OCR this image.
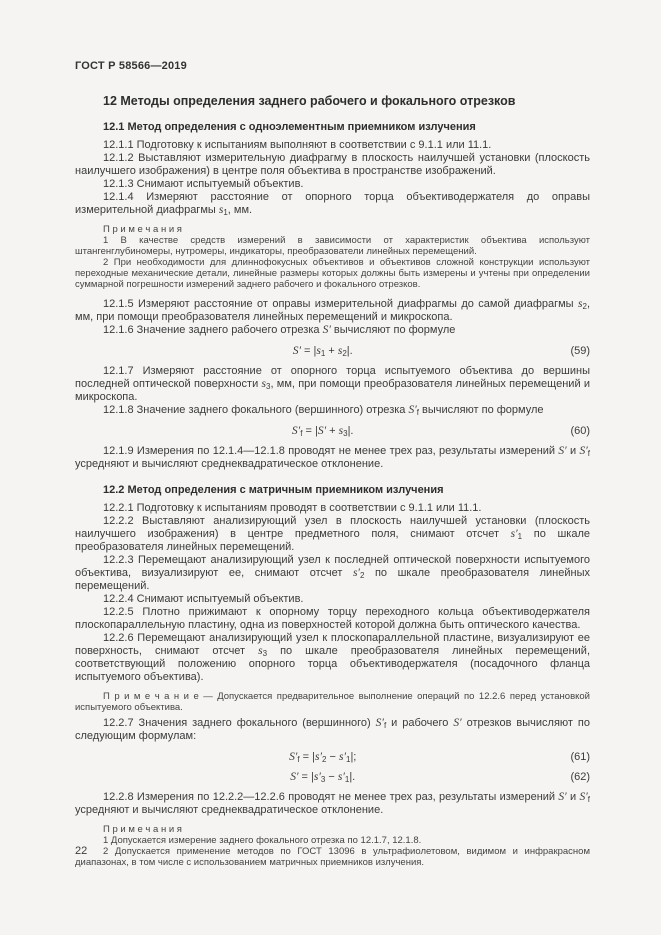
ГОСТ Р 58566—2019
12 Методы определения заднего рабочего и фокального отрезков
12.1 Метод определения с одноэлементным приемником излучения

12.1.1 Подготовку к испытаниям выполняют в соответствии с 9.1.1 или 11.1.

12.1.2 Выставляют измерительную диафрагму в плоскость наилучшей установки (плоскость наилучшего изображения) в центре поля объектива в пространстве изображений.

12.1.3 Снимают испытуемый объектив.

12.1.4 Измеряют расстояние от опорного торца объективодержателя до оправы измерительной диафрагмы $s_1$, мм.

П р и м е ч а н и я

1 В качестве средств измерений в зависимости от характеристик объектива используют штангенглубиномеры, нутромеры, индикаторы, преобразователи линейных перемещений.

2 При необходимости для длиннофокусных объективов и объективов сложной конструкции используют переходные механические детали, линейные размеры которых должны быть измерены и учтены при определении суммарной погрешности измерений заднего рабочего и фокального отрезков.

12.1.5 Измеряют расстояние от оправы измерительной диафрагмы до самой диафрагмы $s_2$, мм, при помощи преобразователя линейных перемещений и микроскопа.

12.1.6 Значение заднего рабочего отрезка S′ вычисляют по формуле

$S' = |s_1 + s_2|$.	(59)

12.1.7 Измеряют расстояние от опорного торца испытуемого объектива до вершины последней оптической поверхности $s_3$, мм, при помощи преобразователя линейных перемещений и микроскопа.

12.1.8 Значение заднего фокального (вершинного) отрезка $S'_f$ вычисляют по формуле

$S'_f = |S' + s_3|$.	(60)

12.1.9 Измерения по 12.1.4—12.1.8 проводят не менее трех раз, результаты измерений S′ и $S'_f$ усредняют и вычисляют среднеквадратическое отклонение.

12.2 Метод определения с матричным приемником излучения

12.2.1 Подготовку к испытаниям проводят в соответствии с 9.1.1 или 11.1.

12.2.2 Выставляют анализирующий узел в плоскость наилучшей установки (плоскость наилучшего изображения) в центре предметного поля, снимают отсчет $s'_1$ по шкале преобразователя линейных перемещений.

12.2.3 Перемещают анализирующий узел к последней оптической поверхности испытуемого объектива, визуализируют ее, снимают отсчет $s'_2$ по шкале преобразователя линейных перемещений.

12.2.4 Снимают испытуемый объектив.

12.2.5 Плотно прижимают к опорному торцу переходного кольца объективодержателя плоскопараллельную пластину, одна из поверхностей которой должна быть оптического качества.

12.2.6 Перемещают анализирующий узел к плоскопараллельной пластине, визуализируют ее поверхность, снимают отсчет $s_3$ по шкале преобразователя линейных перемещений, соответствующий положению опорного торца объективодержателя (посадочного фланца испытуемого объектива).

П р и м е ч а н и е — Допускается предварительное выполнение операций по 12.2.6 перед установкой испытуемого объектива.

12.2.7 Значения заднего фокального (вершинного) $S'_f$ и рабочего S′ отрезков вычисляют по следующим формулам:

$S'_f = |s'_2 - s'_1|$;	(61)
$S' = |s'_3 - s'_1|$.	(62)

12.2.8 Измерения по 12.2.2—12.2.6 проводят не менее трех раз, результаты измерений S′ и $S'_f$ усредняют и вычисляют среднеквадратическое отклонение.

П р и м е ч а н и я

1 Допускается измерение заднего фокального отрезка по 12.1.7, 12.1.8.

2 Допускается применение методов по ГОСТ 13096 в ультрафиолетовом, видимом и инфракрасном диапазонах, в том числе с использованием матричных приемников излучения.

22
